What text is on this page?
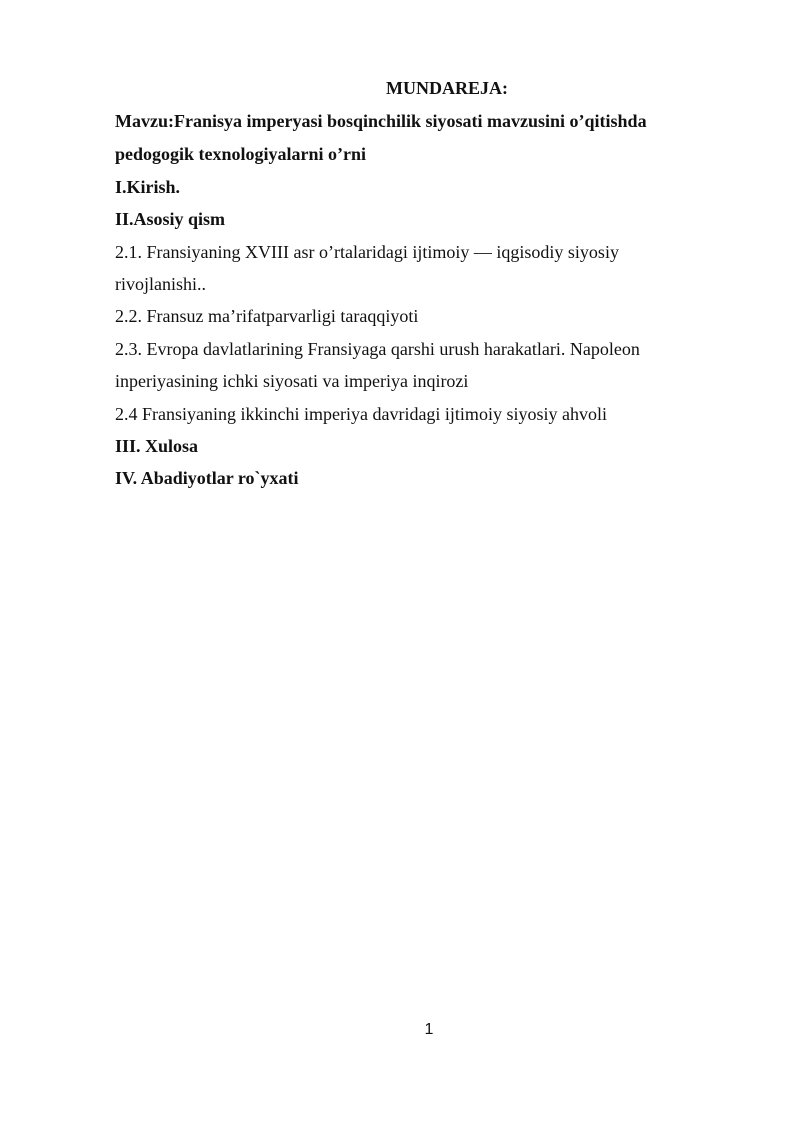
MUNDAREJA:
Mavzu:Franisya imperyasi bosqinchilik siyosati mavzusini o’qitishda
pedogogik texnologiyalarni o’rni
I.Kirish.
II.Asosiy qism
2.1. Fransiyaning XVIII asr o’rtalaridagi ijtimoiy — iqgisodiy siyosiy
rivojlanishi..
2.2. Fransuz ma’rifatparvarligi taraqqiyoti
2.3. Evropa davlatlarining Fransiyaga qarshi urush harakatlari. Napoleon
inperiyasining ichki siyosati va imperiya inqirozi
2.4 Fransiyaning ikkinchi imperiya davridagi ijtimoiy siyosiy ahvoli
III. Xulosa
IV. Abadiyotlar ro`yxati
1
